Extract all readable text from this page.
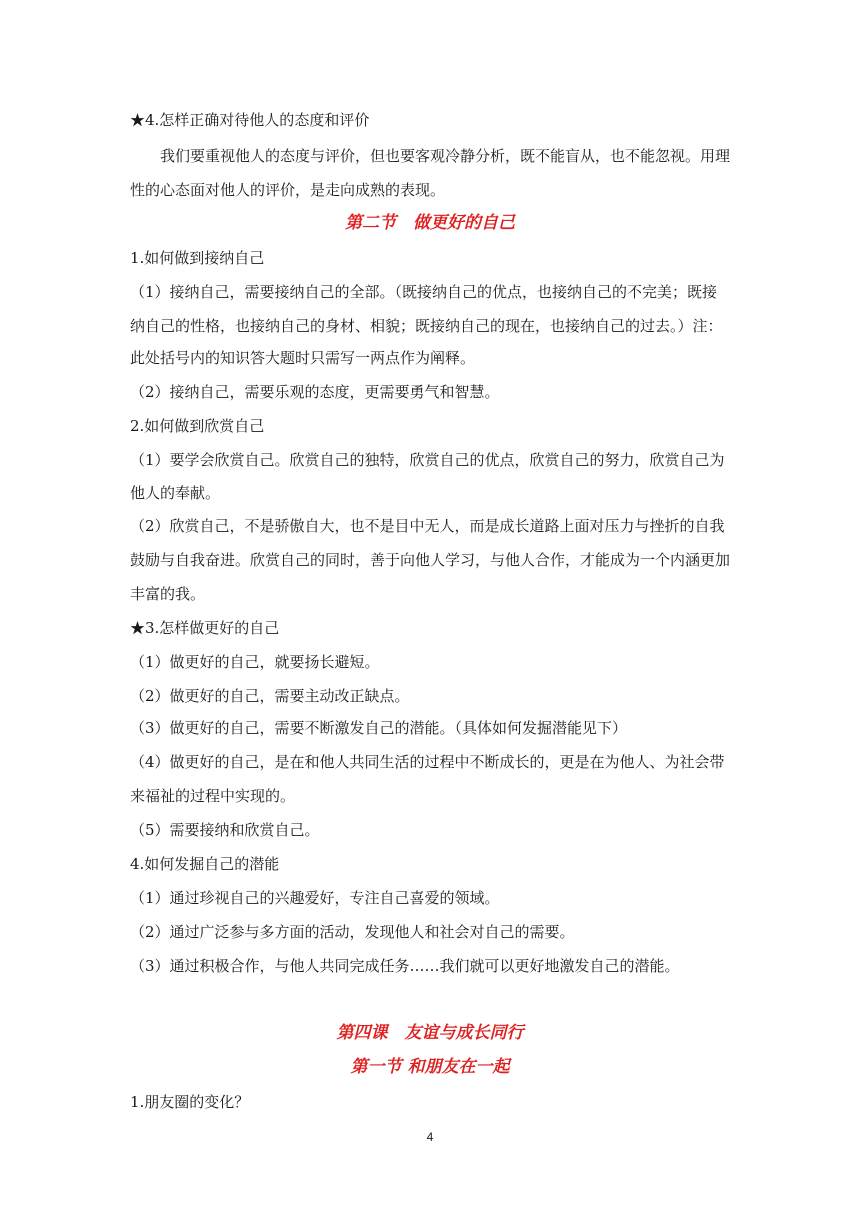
★4.怎样正确对待他人的态度和评价
我们要重视他人的态度与评价，但也要客观冷静分析，既不能盲从，也不能忽视。用理
性的心态面对他人的评价，是走向成熟的表现。
第二节　做更好的自己
1.如何做到接纳自己
（1）接纳自己，需要接纳自己的全部。（既接纳自己的优点，也接纳自己的不完美；既接
纳自己的性格，也接纳自己的身材、相貌；既接纳自己的现在，也接纳自己的过去。）注：
此处括号内的知识答大题时只需写一两点作为阐释。
（2）接纳自己，需要乐观的态度，更需要勇气和智慧。
2.如何做到欣赏自己
（1）要学会欣赏自己。欣赏自己的独特，欣赏自己的优点，欣赏自己的努力，欣赏自己为
他人的奉献。
（2）欣赏自己，不是骄傲自大，也不是目中无人，而是成长道路上面对压力与挫折的自我
鼓励与自我奋进。欣赏自己的同时，善于向他人学习，与他人合作，才能成为一个内涵更加
丰富的我。
★3.怎样做更好的自己
（1）做更好的自己，就要扬长避短。
（2）做更好的自己，需要主动改正缺点。
（3）做更好的自己，需要不断激发自己的潜能。（具体如何发掘潜能见下）
（4）做更好的自己，是在和他人共同生活的过程中不断成长的，更是在为他人、为社会带
来福祉的过程中实现的。
（5）需要接纳和欣赏自己。
4.如何发掘自己的潜能
（1）通过珍视自己的兴趣爱好，专注自己喜爱的领域。
（2）通过广泛参与多方面的活动，发现他人和社会对自己的需要。
（3）通过积极合作，与他人共同完成任务……我们就可以更好地激发自己的潜能。
第四课　友谊与成长同行
第一节 和朋友在一起
1.朋友圈的变化？
4
